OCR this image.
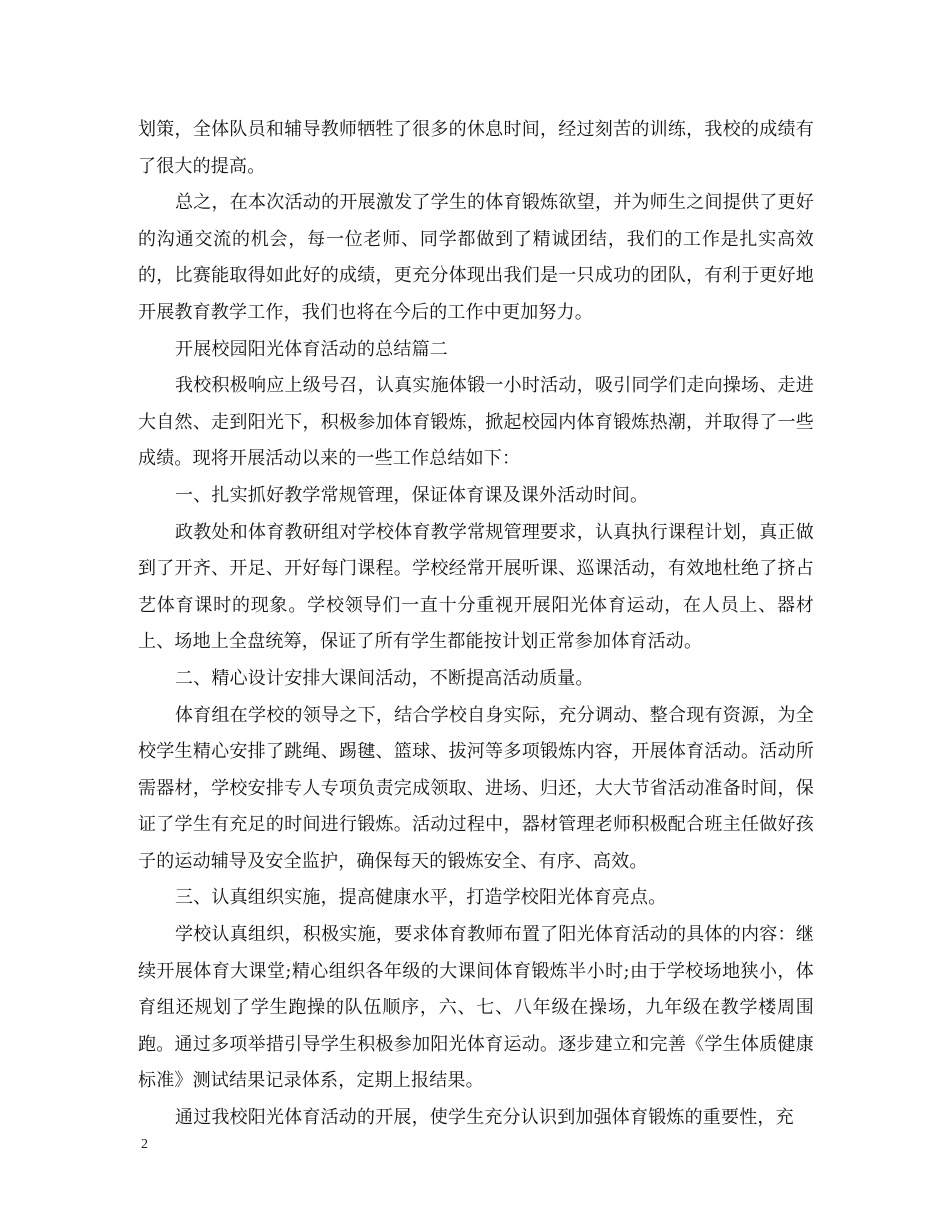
划策，全体队员和辅导教师牺牲了很多的休息时间，经过刻苦的训练，我校的成绩有了很大的提高。

总之，在本次活动的开展激发了学生的体育锻炼欲望，并为师生之间提供了更好的沟通交流的机会，每一位老师、同学都做到了精诚团结，我们的工作是扎实高效的，比赛能取得如此好的成绩，更充分体现出我们是一只成功的团队，有利于更好地开展教育教学工作，我们也将在今后的工作中更加努力。

开展校园阳光体育活动的总结篇二

我校积极响应上级号召，认真实施体锻一小时活动，吸引同学们走向操场、走进大自然、走到阳光下，积极参加体育锻炼，掀起校园内体育锻炼热潮，并取得了一些成绩。现将开展活动以来的一些工作总结如下：

一、扎实抓好教学常规管理，保证体育课及课外活动时间。

政教处和体育教研组对学校体育教学常规管理要求，认真执行课程计划，真正做到了开齐、开足、开好每门课程。学校经常开展听课、巡课活动，有效地杜绝了挤占艺体育课时的现象。学校领导们一直十分重视开展阳光体育运动，在人员上、器材上、场地上全盘统筹，保证了所有学生都能按计划正常参加体育活动。

二、精心设计安排大课间活动，不断提高活动质量。

体育组在学校的领导之下，结合学校自身实际，充分调动、整合现有资源，为全校学生精心安排了跳绳、踢毽、篮球、拔河等多项锻炼内容，开展体育活动。活动所需器材，学校安排专人专项负责完成领取、进场、归还，大大节省活动准备时间，保证了学生有充足的时间进行锻炼。活动过程中，器材管理老师积极配合班主任做好孩子的运动辅导及安全监护，确保每天的锻炼安全、有序、高效。

三、认真组织实施，提高健康水平，打造学校阳光体育亮点。

学校认真组织，积极实施，要求体育教师布置了阳光体育活动的具体的内容：继续开展体育大课堂;精心组织各年级的大课间体育锻炼半小时;由于学校场地狭小，体育组还规划了学生跑操的队伍顺序，六、七、八年级在操场，九年级在教学楼周围跑。通过多项举措引导学生积极参加阳光体育运动。逐步建立和完善《学生体质健康标准》测试结果记录体系，定期上报结果。

通过我校阳光体育活动的开展，使学生充分认识到加强体育锻炼的重要性，充

2
